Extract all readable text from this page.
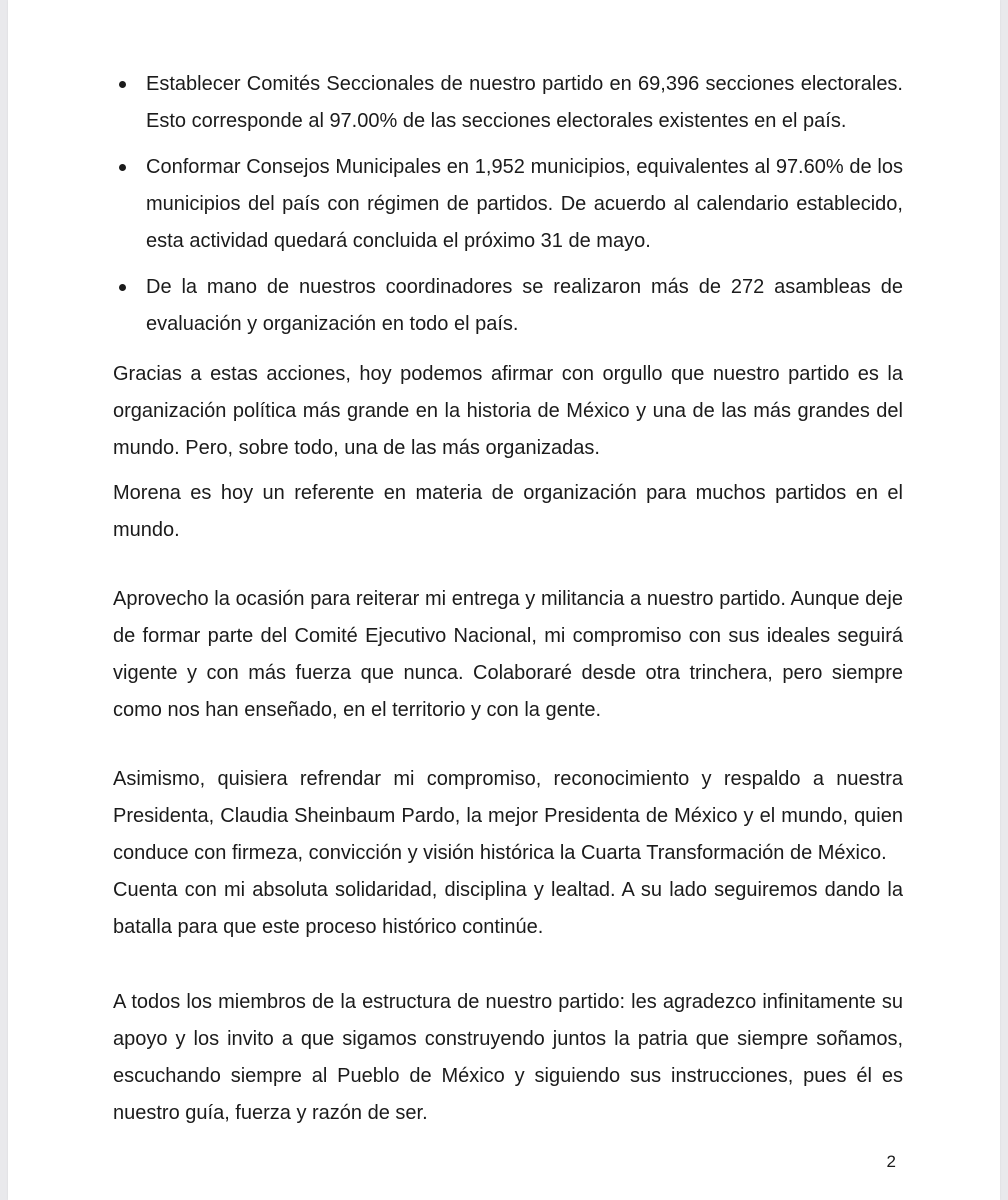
Establecer Comités Seccionales de nuestro partido en 69,396 secciones electorales. Esto corresponde al 97.00% de las secciones electorales existentes en el país.
Conformar Consejos Municipales en 1,952 municipios, equivalentes al 97.60% de los municipios del país con régimen de partidos. De acuerdo al calendario establecido, esta actividad quedará concluida el próximo 31 de mayo.
De la mano de nuestros coordinadores se realizaron más de 272 asambleas de evaluación y organización en todo el país.

Gracias a estas acciones, hoy podemos afirmar con orgullo que nuestro partido es la organización política más grande en la historia de México y una de las más grandes del mundo. Pero, sobre todo, una de las más organizadas.

Morena es hoy un referente en materia de organización para muchos partidos en el mundo.

Aprovecho la ocasión para reiterar mi entrega y militancia a nuestro partido. Aunque deje de formar parte del Comité Ejecutivo Nacional, mi compromiso con sus ideales seguirá vigente y con más fuerza que nunca. Colaboraré desde otra trinchera, pero siempre como nos han enseñado, en el territorio y con la gente.

Asimismo, quisiera refrendar mi compromiso, reconocimiento y respaldo a nuestra Presidenta, Claudia Sheinbaum Pardo, la mejor Presidenta de México y el mundo, quien conduce con firmeza, convicción y visión histórica la Cuarta Transformación de México.

Cuenta con mi absoluta solidaridad, disciplina y lealtad. A su lado seguiremos dando la batalla para que este proceso histórico continúe.

A todos los miembros de la estructura de nuestro partido: les agradezco infinitamente su apoyo y los invito a que sigamos construyendo juntos la patria que siempre soñamos, escuchando siempre al Pueblo de México y siguiendo sus instrucciones, pues él es nuestro guía, fuerza y razón de ser.

2
